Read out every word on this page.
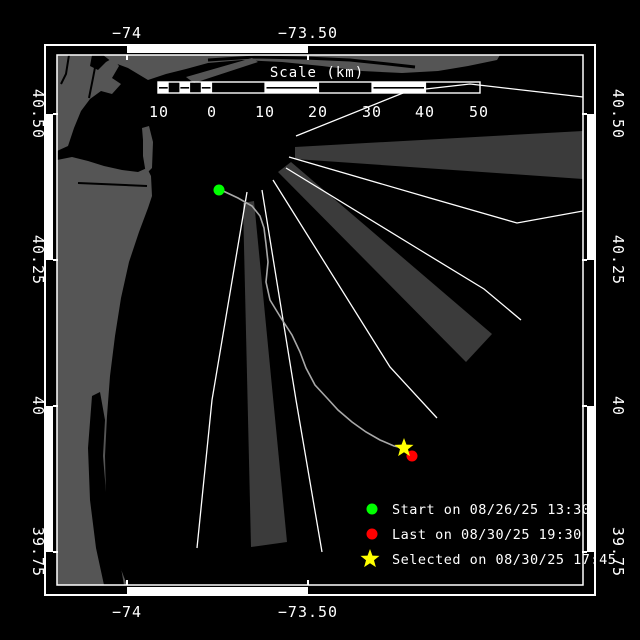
Scale (km)
10	0	10 20 30 40 50
−74	−73.50
−74	−73.50
40.50
40.25
40
39.75
40.50
40.25
40
39.75
Start on 08/26/25 13:30
Last on 08/30/25 19:30
Selected on 08/30/25 17:45
